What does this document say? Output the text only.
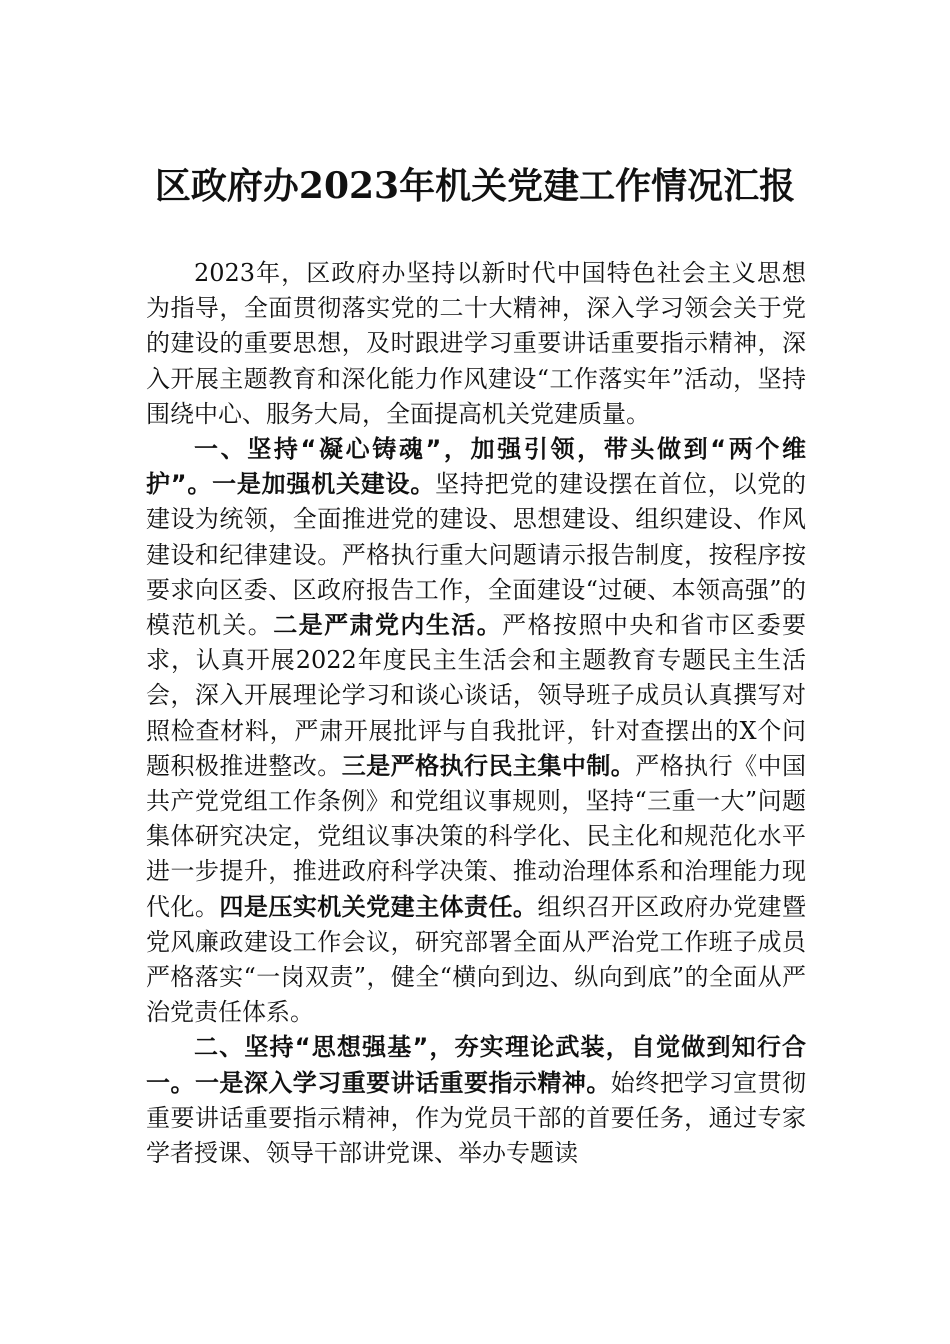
区政府办2023年机关党建工作情况汇报

2023年，区政府办坚持以新时代中国特色社会主义思想为指导，全面贯彻落实党的二十大精神，深入学习领会关于党的建设的重要思想，及时跟进学习重要讲话重要指示精神，深入开展主题教育和深化能力作风建设“工作落实年”活动，坚持围绕中心、服务大局，全面提高机关党建质量。

一、坚持“凝心铸魂”，加强引领，带头做到“两个维护”。一是加强机关建设。坚持把党的建设摆在首位，以党的建设为统领，全面推进党的建设、思想建设、组织建设、作风建设和纪律建设。严格执行重大问题请示报告制度，按程序按要求向区委、区政府报告工作，全面建设“过硬、本领高强”的模范机关。二是严肃党内生活。严格按照中央和省市区委要求，认真开展2022年度民主生活会和主题教育专题民主生活会，深入开展理论学习和谈心谈话，领导班子成员认真撰写对照检查材料，严肃开展批评与自我批评，针对查摆出的X个问题积极推进整改。三是严格执行民主集中制。严格执行《中国共产党党组工作条例》和党组议事规则，坚持“三重一大”问题集体研究决定，党组议事决策的科学化、民主化和规范化水平进一步提升，推进政府科学决策、推动治理体系和治理能力现代化。四是压实机关党建主体责任。组织召开区政府办党建暨党风廉政建设工作会议，研究部署全面从严治党工作班子成员严格落实“一岗双责”，健全“横向到边、纵向到底”的全面从严治党责任体系。

二、坚持“思想强基”，夯实理论武装，自觉做到知行合一。一是深入学习重要讲话重要指示精神。始终把学习宣贯彻重要讲话重要指示精神，作为党员干部的首要任务，通过专家学者授课、领导干部讲党课、举办专题读
